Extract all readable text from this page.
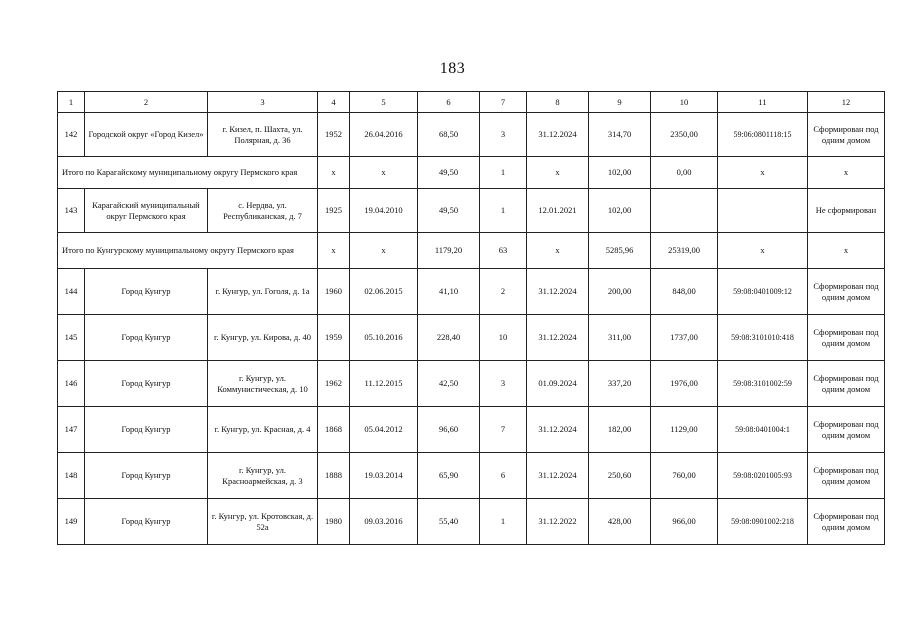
183
1	2	3	4	5	6	7	8	9	10	11	12
142	Городской округ «Город Кизел»	г. Кизел, п. Шахта, ул. Полярная, д. 36	1952	26.04.2016	68,50	3	31.12.2024	314,70	2350,00	59:06:0801118:15	Сформирован под одним домом
Итого по Карагайскому муниципальному округу Пермского края			x	x	49,50	1	x	102,00	0,00	x	x
143	Карагайский муниципальный округ Пермского края	с. Нердва, ул. Республиканская, д. 7	1925	19.04.2010	49,50	1	12.01.2021	102,00			Не сформирован
Итого по Кунгурскому муниципальному округу Пермского края			x	x	1179,20	63	x	5285,96	25319,00	x	x
144	Город Кунгур	г. Кунгур, ул. Гоголя, д. 1а	1960	02.06.2015	41,10	2	31.12.2024	200,00	848,00	59:08:0401009:12	Сформирован под одним домом
145	Город Кунгур	г. Кунгур, ул. Кирова, д. 40	1959	05.10.2016	228,40	10	31.12.2024	311,00	1737,00	59:08:3101010:418	Сформирован под одним домом
146	Город Кунгур	г. Кунгур, ул. Коммунистическая, д. 10	1962	11.12.2015	42,50	3	01.09.2024	337,20	1976,00	59:08:3101002:59	Сформирован под одним домом
147	Город Кунгур	г. Кунгур, ул. Красная, д. 4	1868	05.04.2012	96,60	7	31.12.2024	182,00	1129,00	59:08:0401004:1	Сформирован под одним домом
148	Город Кунгур	г. Кунгур, ул. Красноармейская, д. 3	1888	19.03.2014	65,90	6	31.12.2024	250,60	760,00	59:08:0201005:93	Сформирован под одним домом
149	Город Кунгур	г. Кунгур, ул. Кротовская, д. 52а	1980	09.03.2016	55,40	1	31.12.2022	428,00	966,00	59:08:0901002:218	Сформирован под одним домом
